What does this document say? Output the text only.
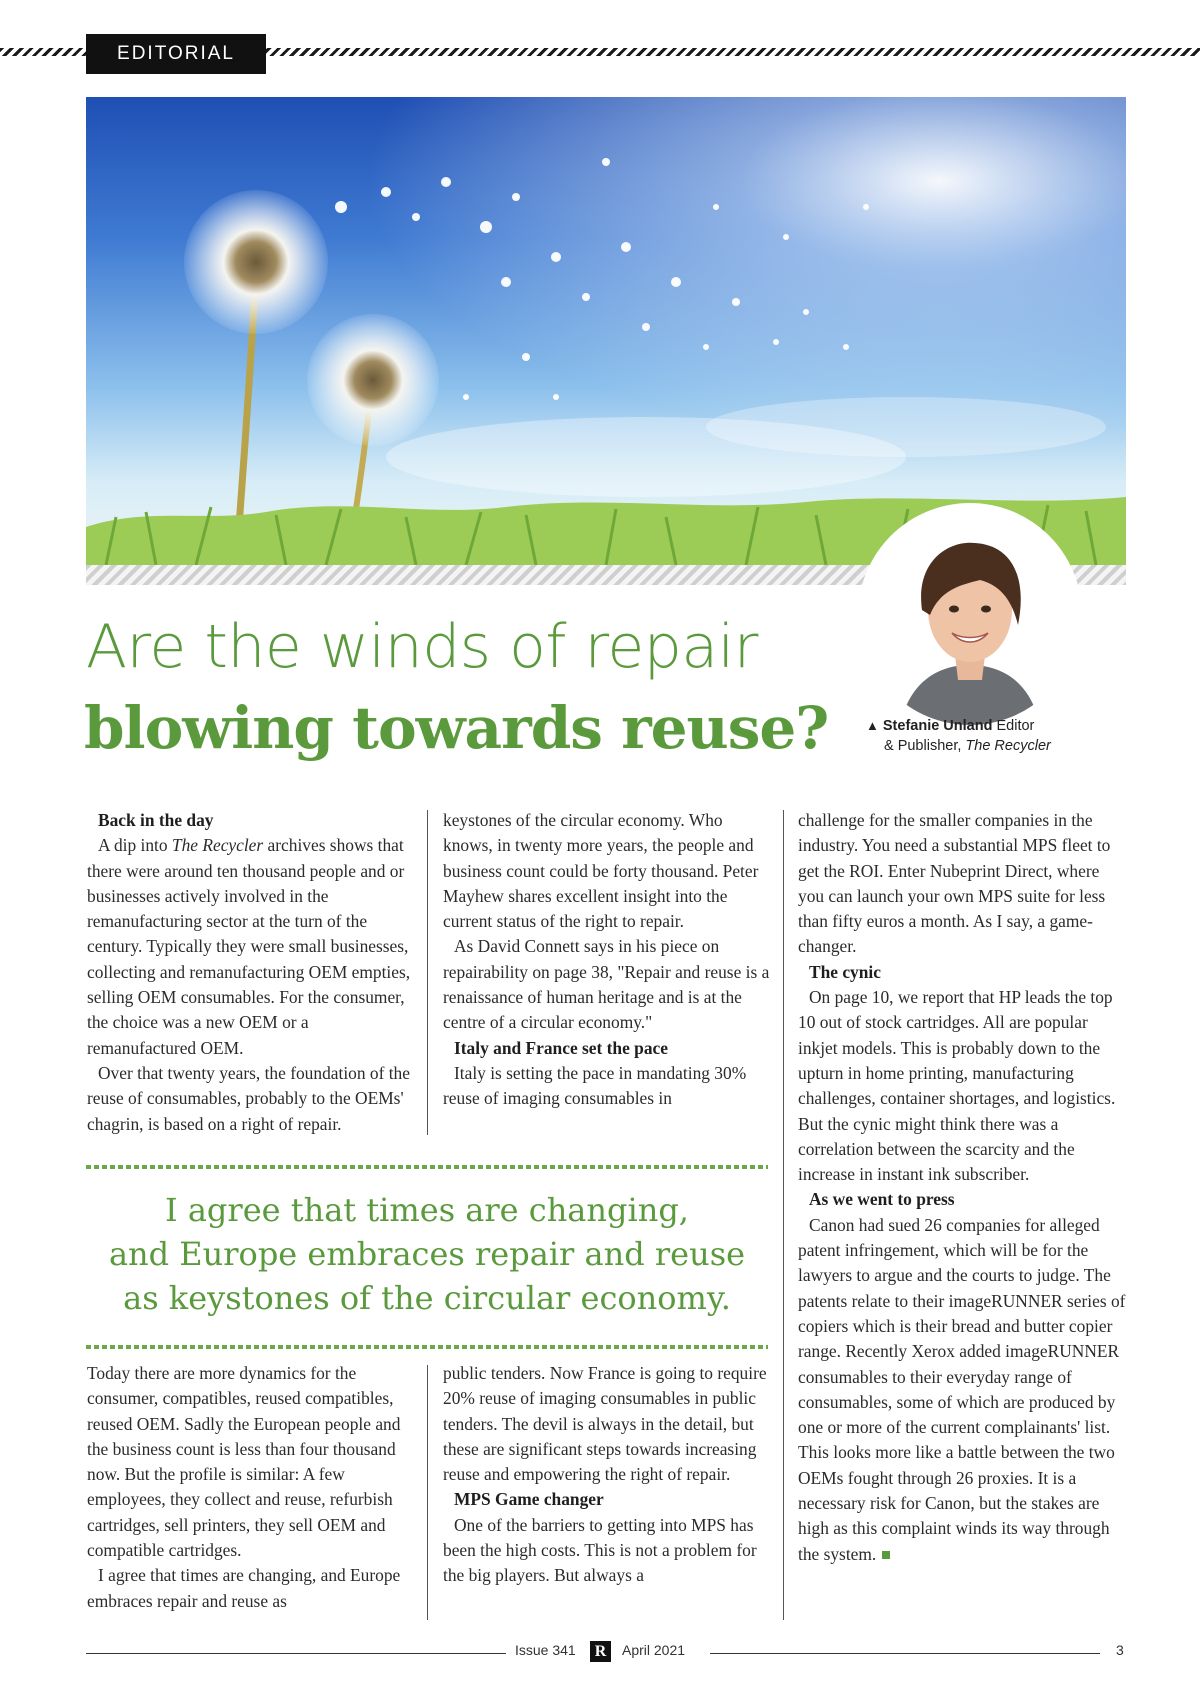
EDITORIAL
▲ Stefanie Unland Editor
& Publisher, The Recycler
Are the winds of repair
blowing towards reuse?
Back in the day

A dip into The Recycler archives shows that there were around ten thousand people and or businesses actively involved in the remanufacturing sector at the turn of the century. Typically they were small businesses, collecting and remanufacturing OEM empties, selling OEM consumables. For the consumer, the choice was a new OEM or a remanufactured OEM.

Over that twenty years, the foundation of the reuse of consumables, probably to the OEMs' chagrin, is based on a right of repair.

keystones of the circular economy. Who knows, in twenty more years, the people and business count could be forty thousand. Peter Mayhew shares excellent insight into the current status of the right to repair.

As David Connett says in his piece on repairability on page 38, "Repair and reuse is a renaissance of human heritage and is at the centre of a circular economy."

Italy and France set the pace

Italy is setting the pace in mandating 30% reuse of imaging consumables in

I agree that times are changing,
and Europe embraces repair and reuse
as keystones of the circular economy.

Today there are more dynamics for the consumer, compatibles, reused compatibles, reused OEM. Sadly the European people and the business count is less than four thousand now. But the profile is similar: A few employees, they collect and reuse, refurbish cartridges, sell printers, they sell OEM and compatible cartridges.

I agree that times are changing, and Europe embraces repair and reuse as

public tenders. Now France is going to require 20% reuse of imaging consumables in public tenders. The devil is always in the detail, but these are significant steps towards increasing reuse and empowering the right of repair.

MPS Game changer

One of the barriers to getting into MPS has been the high costs. This is not a problem for the big players. But always a

challenge for the smaller companies in the industry. You need a substantial MPS fleet to get the ROI. Enter Nubeprint Direct, where you can launch your own MPS suite for less than fifty euros a month. As I say, a game-changer.

The cynic

On page 10, we report that HP leads the top 10 out of stock cartridges. All are popular inkjet models. This is probably down to the upturn in home printing, manufacturing challenges, container shortages, and logistics. But the cynic might think there was a correlation between the scarcity and the increase in instant ink subscriber.

As we went to press

Canon had sued 26 companies for alleged patent infringement, which will be for the lawyers to argue and the courts to judge. The patents relate to their imageRUNNER series of copiers which is their bread and butter copier range. Recently Xerox added imageRUNNER consumables to their everyday range of consumables, some of which are produced by one or more of the current complainants' list. This looks more like a battle between the two OEMs fought through 26 proxies. It is a necessary risk for Canon, but the stakes are high as this complaint winds its way through the system.

Issue 341 R	April 2021	3
